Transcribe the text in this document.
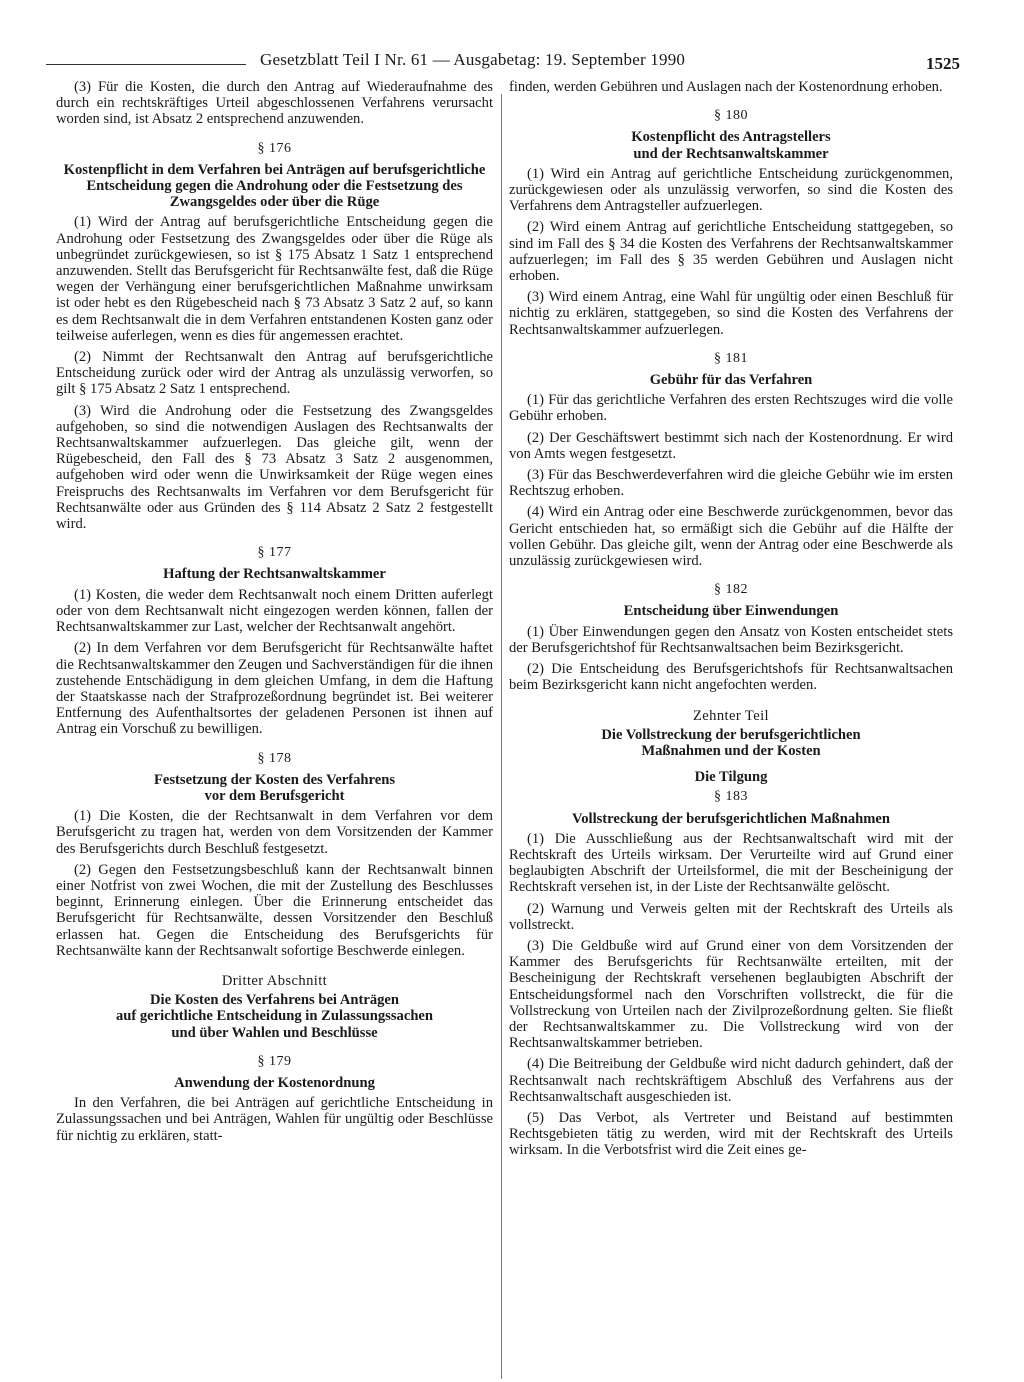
Gesetzblatt Teil I Nr. 61 — Ausgabetag: 19. September 1990	1525

(3) Für die Kosten, die durch den Antrag auf Wiederaufnahme des durch ein rechtskräftiges Urteil abgeschlossenen Verfahrens verursacht worden sind, ist Absatz 2 entsprechend anzuwenden.

§ 176
Kostenpflicht in dem Verfahren bei Anträgen auf berufsgerichtliche Entscheidung gegen die Androhung oder die Festsetzung des Zwangsgeldes oder über die Rüge

(1) Wird der Antrag auf berufsgerichtliche Entscheidung gegen die Androhung oder Festsetzung des Zwangsgeldes oder über die Rüge als unbegründet zurückgewiesen, so ist § 175 Absatz 1 Satz 1 entsprechend anzuwenden. Stellt das Berufsgericht für Rechtsanwälte fest, daß die Rüge wegen der Verhängung einer berufsgerichtlichen Maßnahme unwirksam ist oder hebt es den Rügebescheid nach § 73 Absatz 3 Satz 2 auf, so kann es dem Rechtsanwalt die in dem Verfahren entstandenen Kosten ganz oder teilweise auferlegen, wenn es dies für angemessen erachtet.

(2) Nimmt der Rechtsanwalt den Antrag auf berufsgerichtliche Entscheidung zurück oder wird der Antrag als unzulässig verworfen, so gilt § 175 Absatz 2 Satz 1 entsprechend.

(3) Wird die Androhung oder die Festsetzung des Zwangsgeldes aufgehoben, so sind die notwendigen Auslagen des Rechtsanwalts der Rechtsanwaltskammer aufzuerlegen. Das gleiche gilt, wenn der Rügebescheid, den Fall des § 73 Absatz 3 Satz 2 ausgenommen, aufgehoben wird oder wenn die Unwirksamkeit der Rüge wegen eines Freispruchs des Rechtsanwalts im Verfahren vor dem Berufsgericht für Rechtsanwälte oder aus Gründen des § 114 Absatz 2 Satz 2 festgestellt wird.

§ 177
Haftung der Rechtsanwaltskammer

(1) Kosten, die weder dem Rechtsanwalt noch einem Dritten auferlegt oder von dem Rechtsanwalt nicht eingezogen werden können, fallen der Rechtsanwaltskammer zur Last, welcher der Rechtsanwalt angehört.

(2) In dem Verfahren vor dem Berufsgericht für Rechtsanwälte haftet die Rechtsanwaltskammer den Zeugen und Sachverständigen für die ihnen zustehende Entschädigung in dem gleichen Umfang, in dem die Haftung der Staatskasse nach der Strafprozeßordnung begründet ist. Bei weiterer Entfernung des Aufenthaltsortes der geladenen Personen ist ihnen auf Antrag ein Vorschuß zu bewilligen.

§ 178
Festsetzung der Kosten des Verfahrens
vor dem Berufsgericht

(1) Die Kosten, die der Rechtsanwalt in dem Verfahren vor dem Berufsgericht zu tragen hat, werden von dem Vorsitzenden der Kammer des Berufsgerichts durch Beschluß festgesetzt.

(2) Gegen den Festsetzungsbeschluß kann der Rechtsanwalt binnen einer Notfrist von zwei Wochen, die mit der Zustellung des Beschlusses beginnt, Erinnerung einlegen. Über die Erinnerung entscheidet das Berufsgericht für Rechtsanwälte, dessen Vorsitzender den Beschluß erlassen hat. Gegen die Entscheidung des Berufsgerichts für Rechtsanwälte kann der Rechtsanwalt sofortige Beschwerde einlegen.

Dritter Abschnitt
Die Kosten des Verfahrens bei Anträgen
auf gerichtliche Entscheidung in Zulassungssachen
und über Wahlen und Beschlüsse
§ 179
Anwendung der Kostenordnung

In den Verfahren, die bei Anträgen auf gerichtliche Entscheidung in Zulassungssachen und bei Anträgen, Wahlen für ungültig oder Beschlüsse für nichtig zu erklären, statt-

finden, werden Gebühren und Auslagen nach der Kostenordnung erhoben.

§ 180
Kostenpflicht des Antragstellers
und der Rechtsanwaltskammer

(1) Wird ein Antrag auf gerichtliche Entscheidung zurückgenommen, zurückgewiesen oder als unzulässig verworfen, so sind die Kosten des Verfahrens dem Antragsteller aufzuerlegen.

(2) Wird einem Antrag auf gerichtliche Entscheidung stattgegeben, so sind im Fall des § 34 die Kosten des Verfahrens der Rechtsanwaltskammer aufzuerlegen; im Fall des § 35 werden Gebühren und Auslagen nicht erhoben.

(3) Wird einem Antrag, eine Wahl für ungültig oder einen Beschluß für nichtig zu erklären, stattgegeben, so sind die Kosten des Verfahrens der Rechtsanwaltskammer aufzuerlegen.

§ 181
Gebühr für das Verfahren

(1) Für das gerichtliche Verfahren des ersten Rechtszuges wird die volle Gebühr erhoben.

(2) Der Geschäftswert bestimmt sich nach der Kostenordnung. Er wird von Amts wegen festgesetzt.

(3) Für das Beschwerdeverfahren wird die gleiche Gebühr wie im ersten Rechtszug erhoben.

(4) Wird ein Antrag oder eine Beschwerde zurückgenommen, bevor das Gericht entschieden hat, so ermäßigt sich die Gebühr auf die Hälfte der vollen Gebühr. Das gleiche gilt, wenn der Antrag oder eine Beschwerde als unzulässig zurückgewiesen wird.

§ 182
Entscheidung über Einwendungen

(1) Über Einwendungen gegen den Ansatz von Kosten entscheidet stets der Berufsgerichtshof für Rechtsanwaltsachen beim Bezirksgericht.

(2) Die Entscheidung des Berufsgerichtshofs für Rechtsanwaltsachen beim Bezirksgericht kann nicht angefochten werden.

Zehnter Teil
Die Vollstreckung der berufsgerichtlichen
Maßnahmen und der Kosten
Die Tilgung
§ 183
Vollstreckung der berufsgerichtlichen Maßnahmen

(1) Die Ausschließung aus der Rechtsanwaltschaft wird mit der Rechtskraft des Urteils wirksam. Der Verurteilte wird auf Grund einer beglaubigten Abschrift der Urteilsformel, die mit der Bescheinigung der Rechtskraft versehen ist, in der Liste der Rechtsanwälte gelöscht.

(2) Warnung und Verweis gelten mit der Rechtskraft des Urteils als vollstreckt.

(3) Die Geldbuße wird auf Grund einer von dem Vorsitzenden der Kammer des Berufsgerichts für Rechtsanwälte erteilten, mit der Bescheinigung der Rechtskraft versehenen beglaubigten Abschrift der Entscheidungsformel nach den Vorschriften vollstreckt, die für die Vollstreckung von Urteilen nach der Zivilprozeßordnung gelten. Sie fließt der Rechtsanwaltskammer zu. Die Vollstreckung wird von der Rechtsanwaltskammer betrieben.

(4) Die Beitreibung der Geldbuße wird nicht dadurch gehindert, daß der Rechtsanwalt nach rechtskräftigem Abschluß des Verfahrens aus der Rechtsanwaltschaft ausgeschieden ist.

(5) Das Verbot, als Vertreter und Beistand auf bestimmten Rechtsgebieten tätig zu werden, wird mit der Rechtskraft des Urteils wirksam. In die Verbotsfrist wird die Zeit eines ge-
